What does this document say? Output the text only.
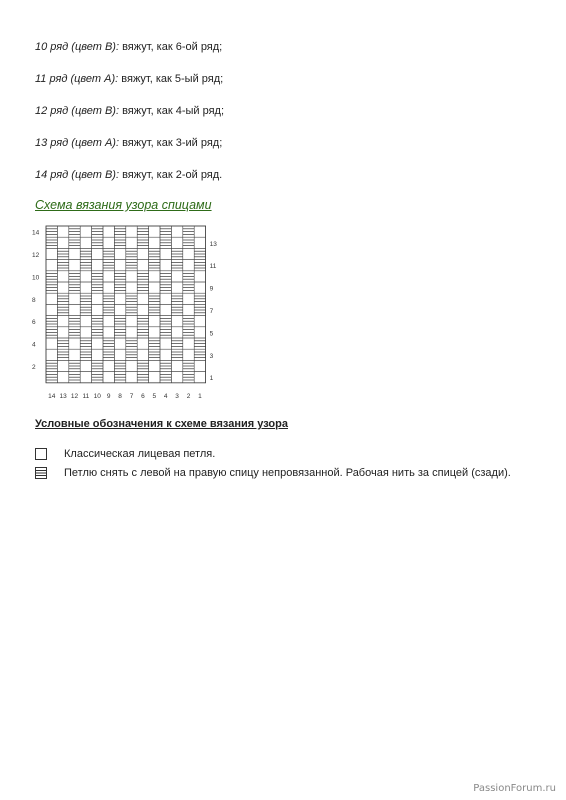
10 ряд (цвет B): вяжут, как 6-ой ряд;
11 ряд (цвет A): вяжут, как 5-ый ряд;
12 ряд (цвет B): вяжут, как 4-ый ряд;
13 ряд (цвет A): вяжут, как 3-ий ряд;
14 ряд (цвет B): вяжут, как 2-ой ряд.
Схема вязания узора спицами
2
4
6
8
10
12
14
1
3
5
7
9
11
13
14 13 12 11 10 9 8 7 6 5 4 3 2 1
Условные обозначения к схеме вязания узора
Классическая лицевая петля.
Петлю снять с левой на правую спицу непровязанной. Рабочая нить за спицей (сзади).
PassionForum.ru
